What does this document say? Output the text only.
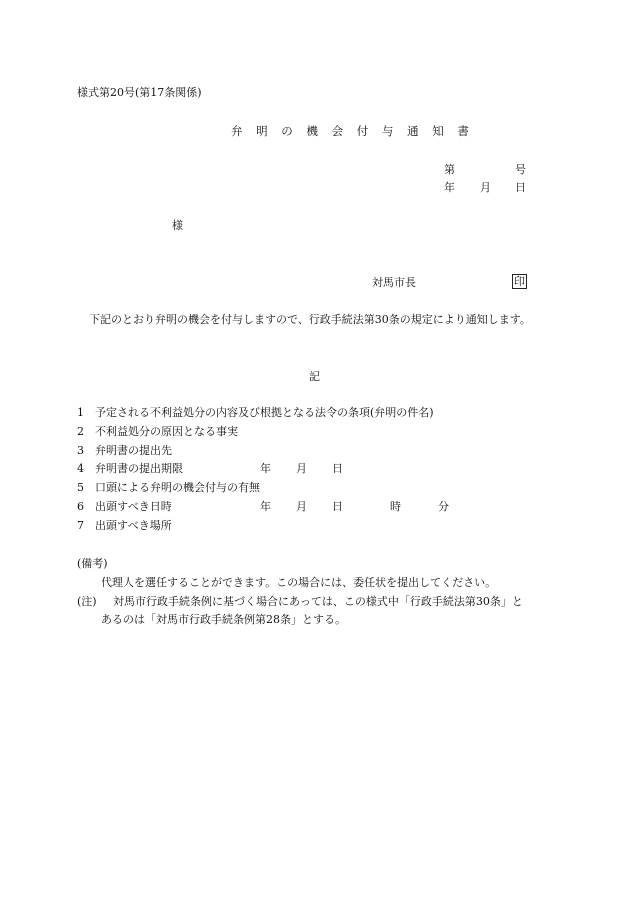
様式第20号(第17条関係)
弁 明 の 機 会 付 与 通 知 書
第	号
年 月 日
様
対馬市長	印
下記のとおり弁明の機会を付与しますので、行政手続法第30条の規定により通知します。
記
1 予定される不利益処分の内容及び根拠となる法令の条項(弁明の件名)
2 不利益処分の原因となる事実
3 弁明書の提出先
4 弁明書の提出期限	年 月 日
5 口頭による弁明の機会付与の有無
6 出頭すべき日時	年 月 日	時	分
7 出頭すべき場所
(備考)
代理人を選任することができます。この場合には、委任状を提出してください。
(注) 対馬市行政手続条例に基づく場合にあっては、この様式中「行政手続法第30条」と
あるのは「対馬市行政手続条例第28条」とする。
